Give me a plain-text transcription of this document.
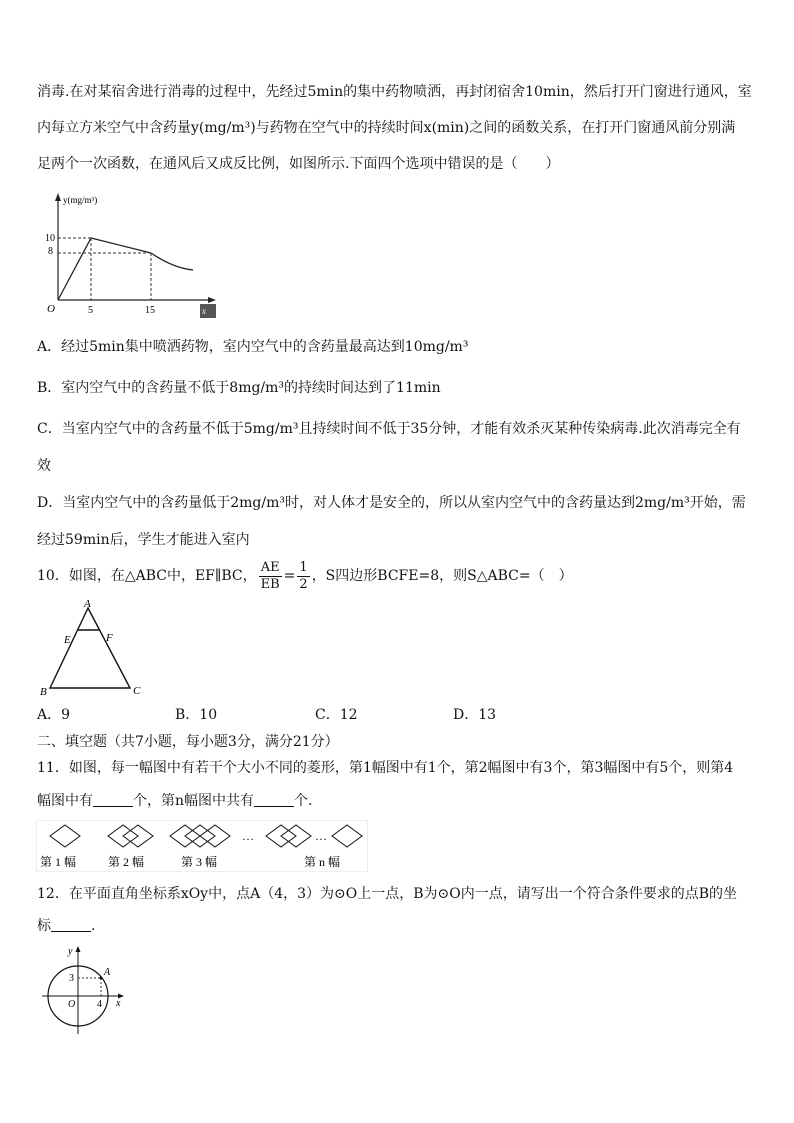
消毒.在对某宿舍进行消毒的过程中，先经过5min的集中药物喷洒，再封闭宿舍10min，然后打开门窗进行通风，室
内每立方米空气中含药量y(mg/m³)与药物在空气中的持续时间x(min)之间的函数关系，在打开门窗通风前分别满
足两个一次函数，在通风后又成反比例，如图所示.下面四个选项中错误的是（　　）
y(mg/m³)
10
8
O	5	15	x
A．经过5min集中喷洒药物，室内空气中的含药量最高达到10mg/m³
B．室内空气中的含药量不低于8mg/m³的持续时间达到了11min
C．当室内空气中的含药量不低于5mg/m³且持续时间不低于35分钟，才能有效杀灭某种传染病毒.此次消毒完全有
效
D．当室内空气中的含药量低于2mg/m³时，对人体才是安全的，所以从室内空气中的含药量达到2mg/m³开始，需
经过59min后，学生才能进入室内
10．如图，在△ABC中，EF∥BC， $\frac{AE}{EB} = \frac{1}{2}$ ，S四边形BCFE=8，则S△ABC=（　）
A
E	F
B	C
A．9	B．10	C．12	D．13
二、填空题（共7小题，每小题3分，满分21分）
11．如图，每一幅图中有若干个大小不同的菱形，第1幅图中有1个，第2幅图中有3个，第3幅图中有5个，则第4
幅图中有	个，第n幅图中共有	个.
…	…
第 1 幅	第 2 幅	第 3 幅	第 n 幅
12．在平面直角坐标系xOy中，点A（4，3）为⊙O上一点，B为⊙O内一点，请写出一个符合条件要求的点B的坐
标	.
y
x
O
A
3
4
